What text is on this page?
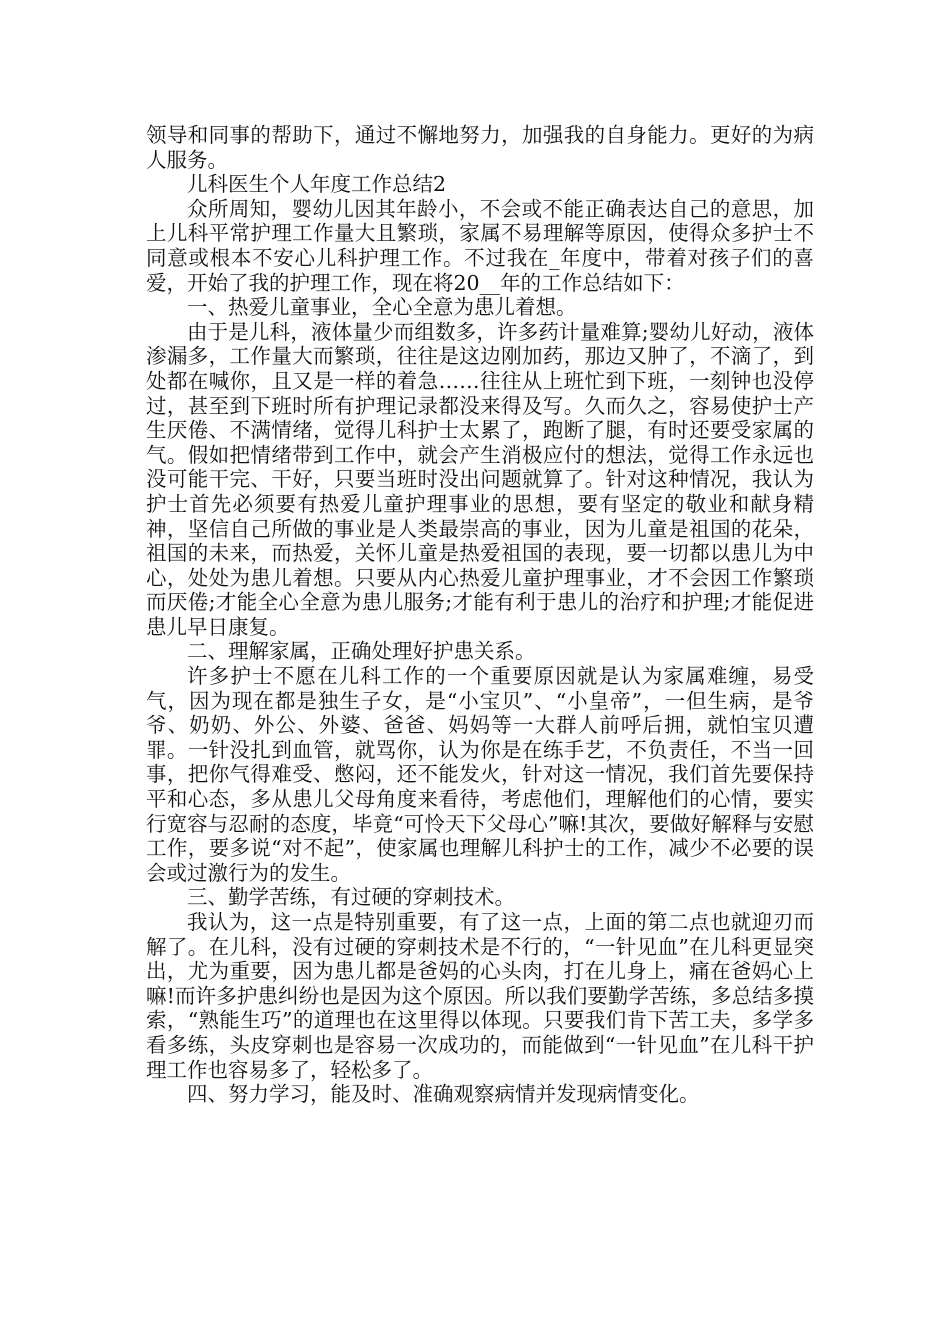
领导和同事的帮助下，通过不懈地努力，加强我的自身能力。更好的为病人服务。

儿科医生个人年度工作总结2

众所周知，婴幼儿因其年龄小，不会或不能正确表达自己的意思，加上儿科平常护理工作量大且繁琐，家属不易理解等原因，使得众多护士不同意或根本不安心儿科护理工作。不过我在_年度中，带着对孩子们的喜爱，开始了我的护理工作，现在将20__年的工作总结如下：

一、热爱儿童事业，全心全意为患儿着想。

由于是儿科，液体量少而组数多，许多药计量难算;婴幼儿好动，液体渗漏多，工作量大而繁琐，往往是这边刚加药，那边又肿了，不滴了，到处都在喊你，且又是一样的着急……往往从上班忙到下班，一刻钟也没停过，甚至到下班时所有护理记录都没来得及写。久而久之，容易使护士产生厌倦、不满情绪，觉得儿科护士太累了，跑断了腿，有时还要受家属的气。假如把情绪带到工作中，就会产生消极应付的想法，觉得工作永远也没可能干完、干好，只要当班时没出问题就算了。针对这种情况，我认为护士首先必须要有热爱儿童护理事业的思想，要有坚定的敬业和献身精神，坚信自己所做的事业是人类最崇高的事业，因为儿童是祖国的花朵，祖国的未来，而热爱，关怀儿童是热爱祖国的表现，要一切都以患儿为中心，处处为患儿着想。只要从内心热爱儿童护理事业，才不会因工作繁琐而厌倦;才能全心全意为患儿服务;才能有利于患儿的治疗和护理;才能促进患儿早日康复。

二、理解家属，正确处理好护患关系。

许多护士不愿在儿科工作的一个重要原因就是认为家属难缠，易受气，因为现在都是独生子女，是“小宝贝”、“小皇帝”，一但生病，是爷爷、奶奶、外公、外婆、爸爸、妈妈等一大群人前呼后拥，就怕宝贝遭罪。一针没扎到血管，就骂你，认为你是在练手艺，不负责任，不当一回事，把你气得难受、憋闷，还不能发火，针对这一情况，我们首先要保持平和心态，多从患儿父母角度来看待，考虑他们，理解他们的心情，要实行宽容与忍耐的态度，毕竟“可怜天下父母心”嘛!其次，要做好解释与安慰工作，要多说“对不起”，使家属也理解儿科护士的工作，减少不必要的误会或过激行为的发生。

三、勤学苦练，有过硬的穿刺技术。

我认为，这一点是特别重要，有了这一点，上面的第二点也就迎刃而解了。在儿科，没有过硬的穿刺技术是不行的，“一针见血”在儿科更显突出，尤为重要，因为患儿都是爸妈的心头肉，打在儿身上，痛在爸妈心上嘛!而许多护患纠纷也是因为这个原因。所以我们要勤学苦练，多总结多摸索，“熟能生巧”的道理也在这里得以体现。只要我们肯下苦工夫，多学多看多练，头皮穿刺也是容易一次成功的，而能做到“一针见血”在儿科干护理工作也容易多了，轻松多了。

四、努力学习，能及时、准确观察病情并发现病情变化。
